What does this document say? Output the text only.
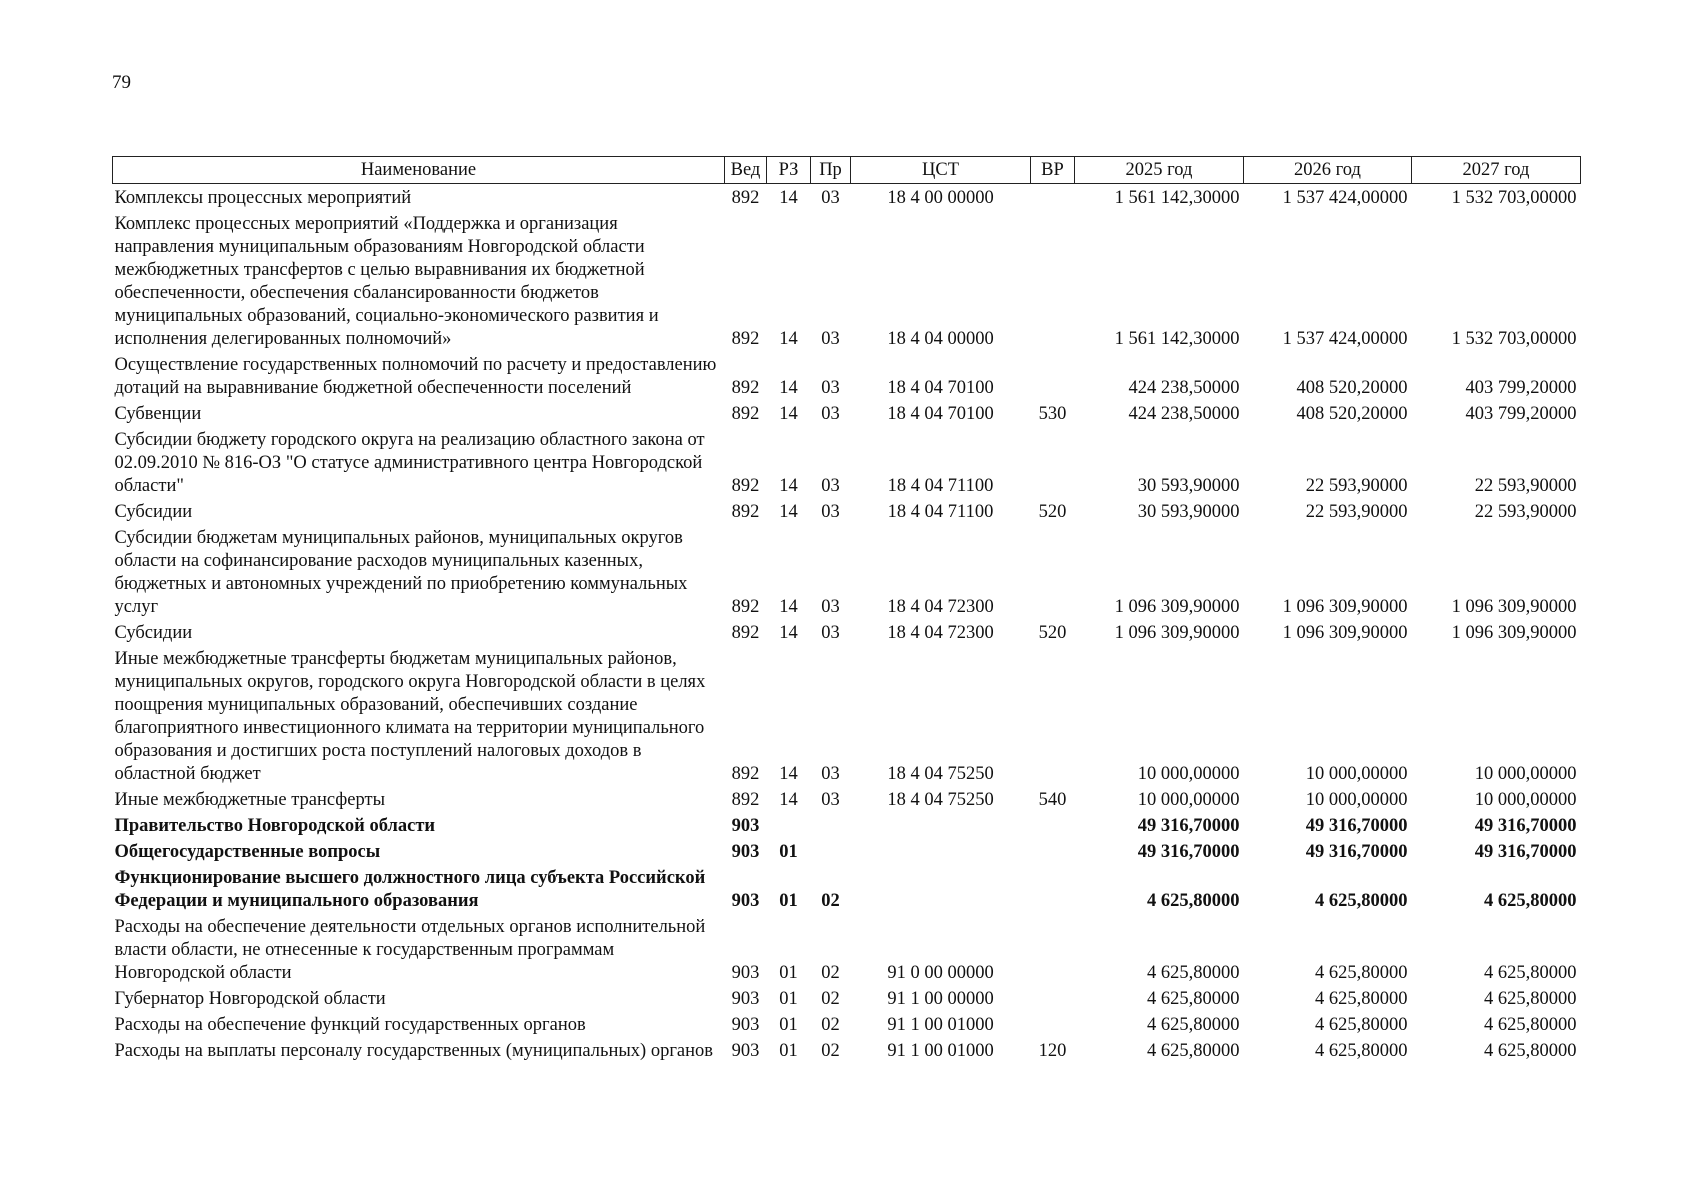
79
Наименование	Вед	РЗ	Пр	ЦСТ	ВР	2025 год	2026 год	2027 год
Комплексы процессных мероприятий	892	14	03	18 4 00 00000		1 561 142,30000	1 537 424,00000	1 532 703,00000
Комплекс процессных мероприятий «Поддержка и организация направления муниципальным образованиям Новгородской области межбюджетных трансфертов с целью выравнивания их бюджетной обеспеченности, обеспечения сбалансированности бюджетов муниципальных образований, социально-экономического развития и исполнения делегированных полномочий»	892	14	03	18 4 04 00000		1 561 142,30000	1 537 424,00000	1 532 703,00000
Осуществление государственных полномочий по расчету и предоставлению дотаций на выравнивание бюджетной обеспеченности поселений	892	14	03	18 4 04 70100		424 238,50000	408 520,20000	403 799,20000
Субвенции	892	14	03	18 4 04 70100	530	424 238,50000	408 520,20000	403 799,20000
Субсидии бюджету городского округа на реализацию областного закона от 02.09.2010 № 816-ОЗ "О статусе административного центра Новгородской области"	892	14	03	18 4 04 71100		30 593,90000	22 593,90000	22 593,90000
Субсидии	892	14	03	18 4 04 71100	520	30 593,90000	22 593,90000	22 593,90000
Субсидии бюджетам муниципальных районов, муниципальных округов области на софинансирование расходов муниципальных казенных, бюджетных и автономных учреждений по приобретению коммунальных услуг	892	14	03	18 4 04 72300		1 096 309,90000	1 096 309,90000	1 096 309,90000
Субсидии	892	14	03	18 4 04 72300	520	1 096 309,90000	1 096 309,90000	1 096 309,90000
Иные межбюджетные трансферты бюджетам муниципальных районов, муниципальных округов, городского округа Новгородской области в целях поощрения муниципальных образований, обеспечивших создание благоприятного инвестиционного климата на территории муниципального образования и достигших роста поступлений налоговых доходов в областной бюджет	892	14	03	18 4 04 75250		10 000,00000	10 000,00000	10 000,00000
Иные межбюджетные трансферты	892	14	03	18 4 04 75250	540	10 000,00000	10 000,00000	10 000,00000
Правительство Новгородской области	903					49 316,70000	49 316,70000	49 316,70000
Общегосударственные вопросы	903	01				49 316,70000	49 316,70000	49 316,70000
Функционирование высшего должностного лица субъекта Российской Федерации и муниципального образования	903	01	02			4 625,80000	4 625,80000	4 625,80000
Расходы на обеспечение деятельности отдельных органов исполнительной власти области, не отнесенные к государственным программам Новгородской области	903	01	02	91 0 00 00000		4 625,80000	4 625,80000	4 625,80000
Губернатор Новгородской области	903	01	02	91 1 00 00000		4 625,80000	4 625,80000	4 625,80000
Расходы на обеспечение функций государственных органов	903	01	02	91 1 00 01000		4 625,80000	4 625,80000	4 625,80000
Расходы на выплаты персоналу государственных (муниципальных) органов	903	01	02	91 1 00 01000	120	4 625,80000	4 625,80000	4 625,80000
